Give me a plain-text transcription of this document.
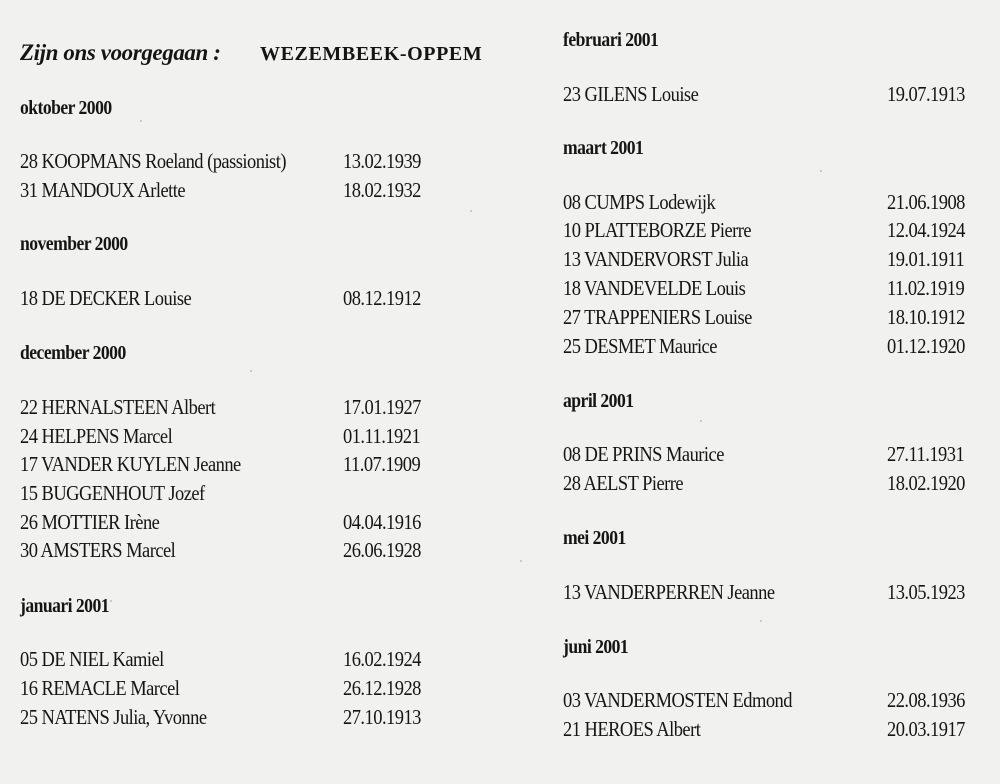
Zijn ons voorgegaan : WEZEMBEEK-OPPEM
oktober 2000
28 KOOPMANS Roeland (passionist)	13.02.1939
31 MANDOUX Arlette	18.02.1932
november 2000
18 DE DECKER Louise	08.12.1912
december 2000
22 HERNALSTEEN Albert	17.01.1927
24 HELPENS Marcel	01.11.1921
17 VANDER KUYLEN Jeanne	11.07.1909
15 BUGGENHOUT Jozef
26 MOTTIER Irène	04.04.1916
30 AMSTERS Marcel	26.06.1928
januari 2001
05 DE NIEL Kamiel	16.02.1924
16 REMACLE Marcel	26.12.1928
25 NATENS Julia, Yvonne	27.10.1913
februari 2001
23 GILENS Louise	19.07.1913
maart 2001
08 CUMPS Lodewijk	21.06.1908
10 PLATTEBORZE Pierre	12.04.1924
13 VANDERVORST Julia	19.01.1911
18 VANDEVELDE Louis	11.02.1919
27 TRAPPENIERS Louise	18.10.1912
25 DESMET Maurice	01.12.1920
april 2001
08 DE PRINS Maurice	27.11.1931
28 AELST Pierre	18.02.1920
mei 2001
13 VANDERPERREN Jeanne	13.05.1923
juni 2001
03 VANDERMOSTEN Edmond	22.08.1936
21 HEROES Albert	20.03.1917
